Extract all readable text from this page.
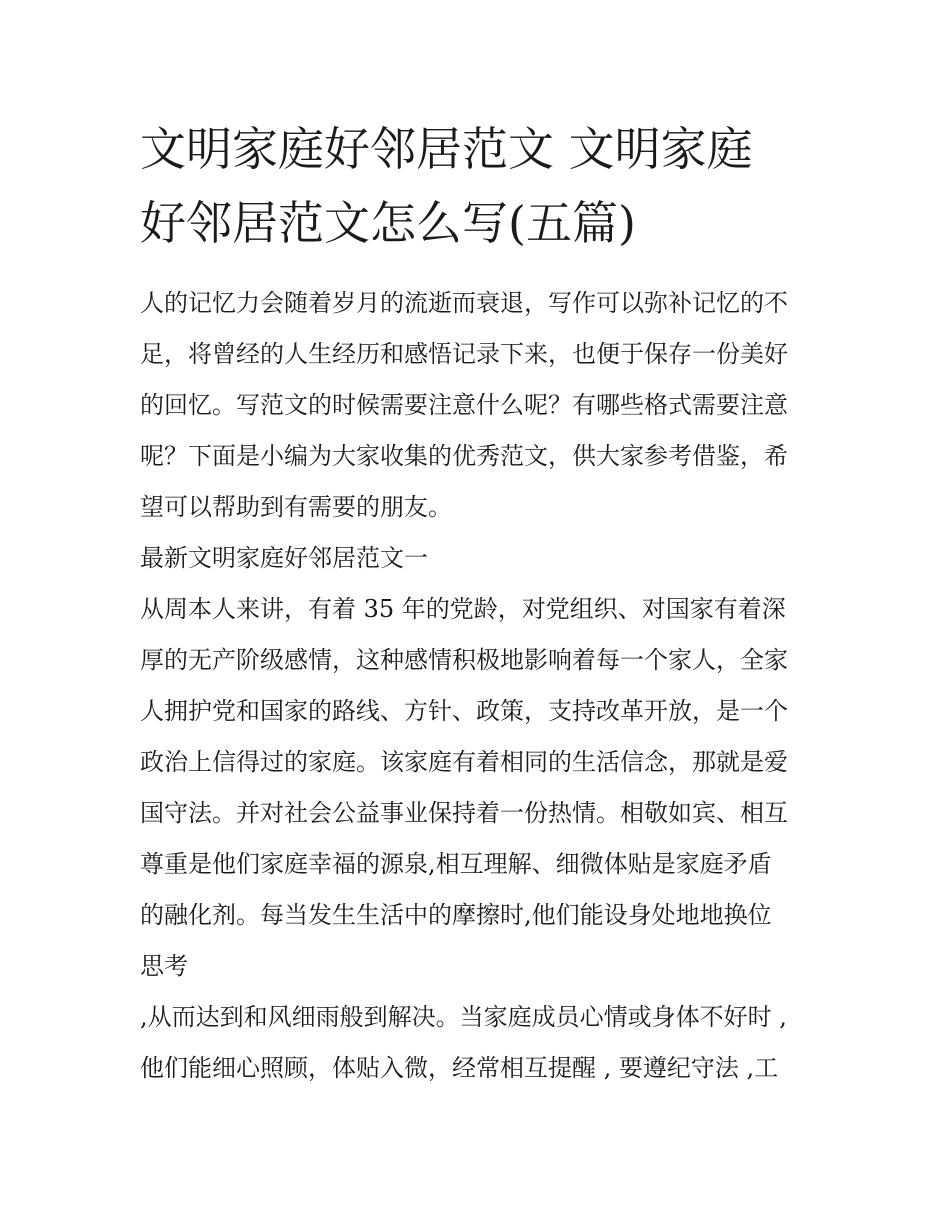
文明家庭好邻居范文 文明家庭
好邻居范文怎么写(五篇)
人的记忆力会随着岁月的流逝而衰退，写作可以弥补记忆的不
足，将曾经的人生经历和感悟记录下来，也便于保存一份美好
的回忆。写范文的时候需要注意什么呢？有哪些格式需要注意
呢？下面是小编为大家收集的优秀范文，供大家参考借鉴，希
望可以帮助到有需要的朋友。
最新文明家庭好邻居范文一
从周本人来讲，有着 35 年的党龄，对党组织、对国家有着深
厚的无产阶级感情，这种感情积极地影响着每一个家人，全家
人拥护党和国家的路线、方针、政策，支持改革开放，是一个
政治上信得过的家庭。该家庭有着相同的生活信念，那就是爱
国守法。并对社会公益事业保持着一份热情。相敬如宾、相互
尊重是他们家庭幸福的源泉,相互理解、细微体贴是家庭矛盾
的融化剂。每当发生生活中的摩擦时,他们能设身处地地换位
思考
,从而达到和风细雨般到解决。当家庭成员心情或身体不好时 ,
他们能细心照顾，体贴入微，经常相互提醒 , 要遵纪守法 ,工
